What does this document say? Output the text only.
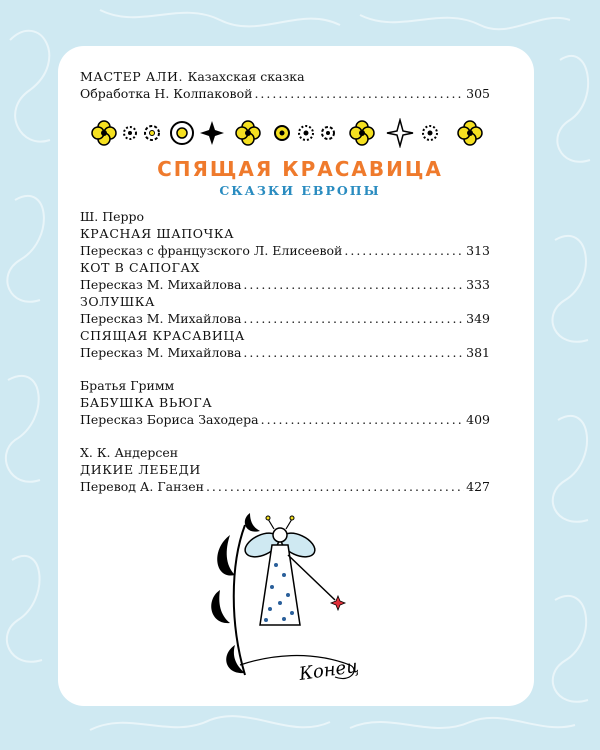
МАСТЕР АЛИ. Казахская сказка
Обработка Н. Колпаковой .....	305
СПЯЩАЯ КРАСАВИЦА
СКАЗКИ ЕВРОПЫ
Ш. Перро
КРАСНАЯ ШАПОЧКА
Пересказ с французского Л. Елисеевой .....	313
КОТ В САПОГАХ
Пересказ М. Михайлова .....	333
ЗОЛУШКА
Пересказ М. Михайлова .....	349
СПЯЩАЯ КРАСАВИЦА
Пересказ М. Михайлова .....	381
Братья Гримм
БАБУШКА ВЬЮГА
Пересказ Бориса Заходера .....	409
Х. К. Андерсен
ДИКИЕ ЛЕБЕДИ
Перевод А. Ганзен .....	427
Конец
